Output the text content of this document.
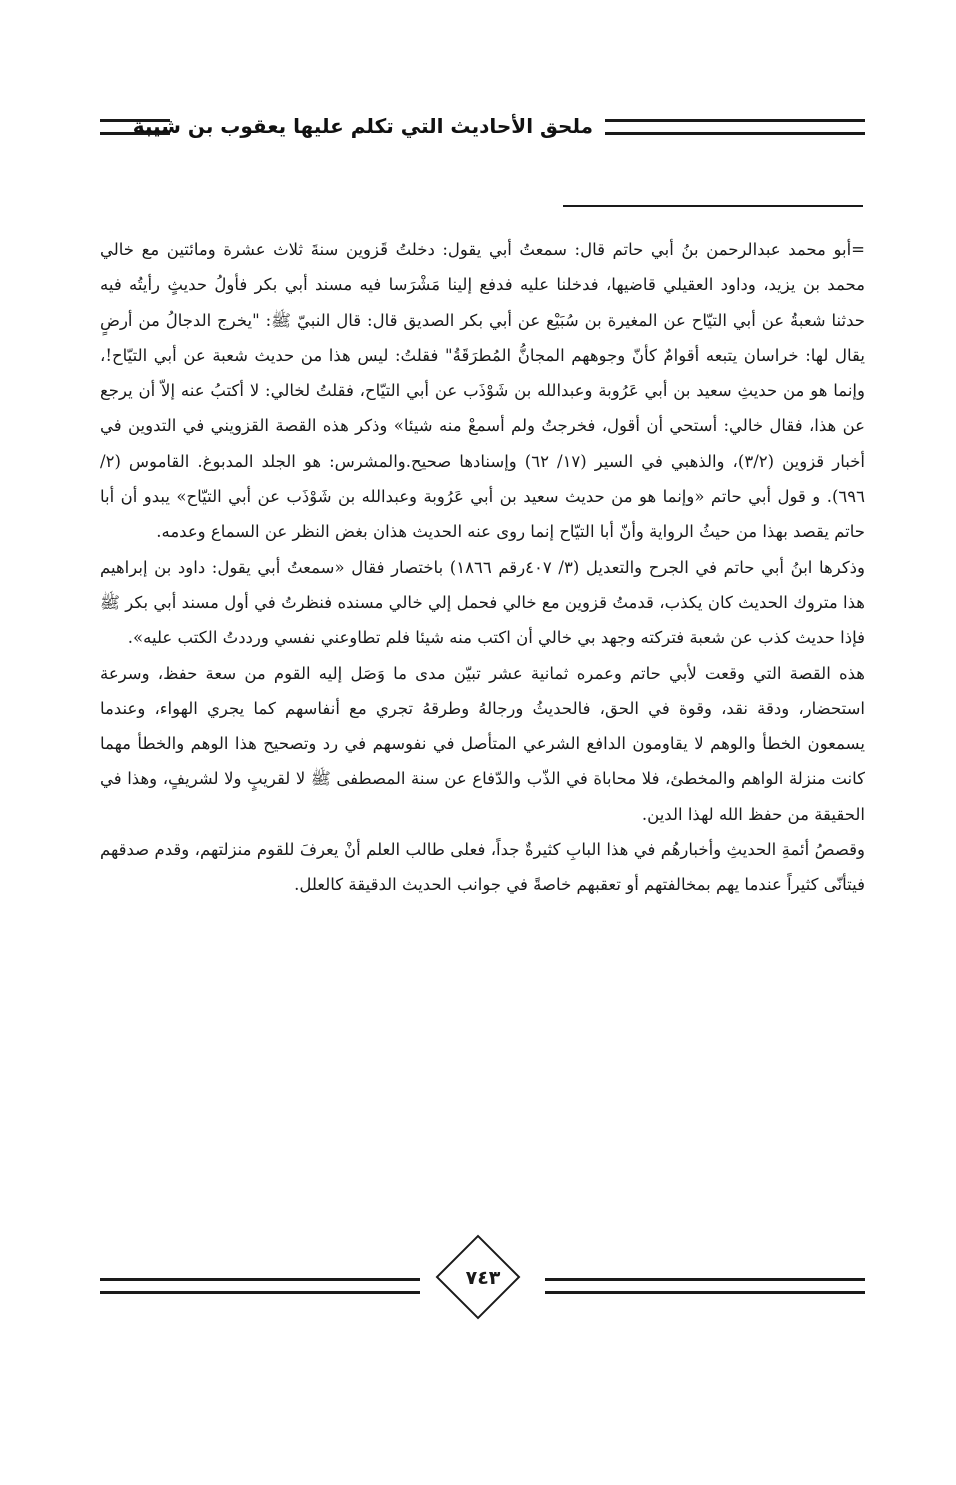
ملحق الأحاديث التي تكلم عليها يعقوب بن شيبة

=أبو محمد عبدالرحمن بنُ أبي حاتم قال: سمعتُ أبي يقول: دخلتُ قَزوين سنةَ ثلاث عشرة ومائتين مع خالي محمد بن يزيد، وداود العقيلي قاضيها، فدخلنا عليه فدفع إلينا مَشْرَسا فيه مسند أبي بكر فأولُ حديثٍ رأيتُه فيه حدثنا شعبةُ عن أبي التيّاح عن المغيرة بن سُبَيْع عن أبي بكر الصديق قال: قال النبيّ ﷺ: "يخرج الدجالُ من أرضٍ يقال لها: خراسان يتبعه أقوامٌ كأنّ وجوههم المجانُّ المُطرَقَةُ" فقلتُ: ليس هذا من حديث شعبة عن أبي التيّاح!، وإنما هو من حديثِ سعيد بن أبي عَرُوبة وعبدالله بن شَوْذَب عن أبي التيّاح، فقلتُ لخالي: لا أكتبُ عنه إلاّ أن يرجع عن هذا، فقال خالي: أستحي أن أقول، فخرجتُ ولم أسمعْ منه شيئا» وذكر هذه القصة القزويني في التدوين في أخبار قزوين (٣/٢)، والذهبي في السير (١٧/ ٦٢) وإسنادها صحيح.والمشرس: هو الجلد المدبوغ. القاموس (٢/ ٦٩٦). و قول أبي حاتم «وإنما هو من حديث سعيد بن أبي عَرُوبة وعبدالله بن شَوْذَب عن أبي التيّاح» يبدو أن أبا حاتم يقصد بهذا من حيثُ الرواية وأنّ أبا التيّاح إنما روى عنه الحديث هذان بغض النظر عن السماع وعدمه.

وذكرها ابنُ أبي حاتم في الجرح والتعديل (٣/ ٤٠٧رقم ١٨٦٦) باختصار فقال «سمعتُ أبي يقول: داود بن إبراهيم هذا متروك الحديث كان يكذب، قدمتُ قزوين مع خالي فحمل إلي خالي مسنده فنظرتُ في أول مسند أبي بكر ﷺ فإذا حديث كذب عن شعبة فتركته وجهد بي خالي أن اكتب منه شيئا فلم تطاوعني نفسي ورددتُ الكتب عليه».

هذه القصة التي وقعت لأبي حاتم وعمره ثمانية عشر تبيّن مدى ما وَصَل إليه القوم من سعة حفظ، وسرعة استحضار، ودقة نقد، وقوة في الحق، فالحديثُ ورجالهُ وطرقهُ تجري مع أنفاسهم كما يجري الهواء، وعندما يسمعون الخطأ والوهم لا يقاومون الدافع الشرعي المتأصل في نفوسهم في رد وتصحيح هذا الوهم والخطأ مهما كانت منزلة الواهم والمخطئ، فلا محاباة في الذّب والدّفاع عن سنة المصطفى ﷺ لا لقريبٍ ولا لشريفٍ، وهذا في الحقيقة من حفظ الله لهذا الدين.

وقصصُ أئمةِ الحديثِ وأخبارهُم في هذا البابِ كثيرةٌ جداً، فعلى طالب العلم أنْ يعرفَ للقوم منزلتهم، وقدم صدقهم فيتأنّى كثيراً عندما يهم بمخالفتهم أو تعقبهم خاصةً في جوانب الحديث الدقيقة كالعلل.

٧٤٣
